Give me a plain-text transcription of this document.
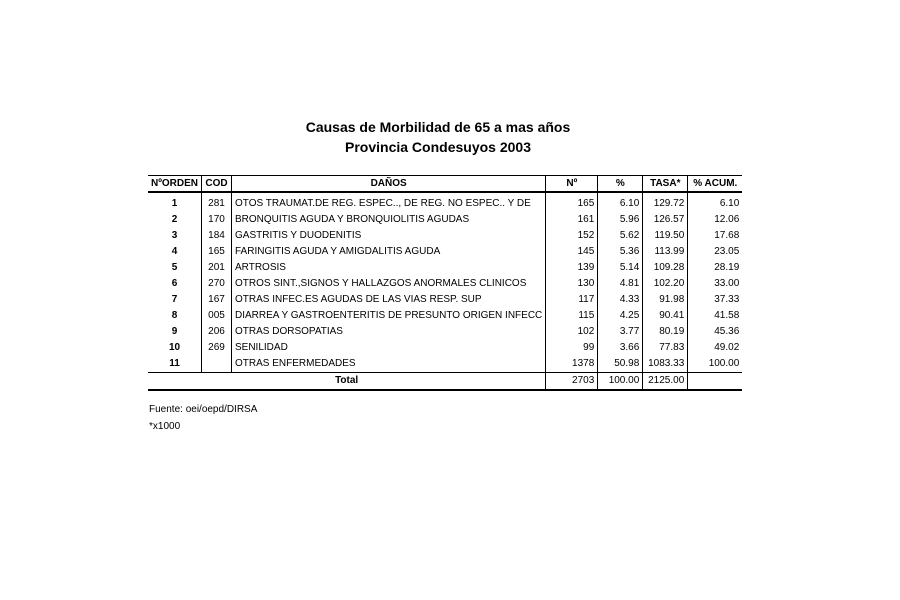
Causas de Morbilidad de 65 a mas años
Provincia Condesuyos 2003
NºORDEN	COD	DAÑOS	Nº	%	TASA*	% ACUM.
1	281	OTOS TRAUMAT.DE REG. ESPEC.., DE REG. NO ESPEC.. Y DE	165	6.10	129.72	6.10
2	170	BRONQUITIS AGUDA Y BRONQUIOLITIS AGUDAS	161	5.96	126.57	12.06
3	184	GASTRITIS Y DUODENITIS	152	5.62	119.50	17.68
4	165	FARINGITIS AGUDA Y AMIGDALITIS AGUDA	145	5.36	113.99	23.05
5	201	ARTROSIS	139	5.14	109.28	28.19
6	270	OTROS SINT.,SIGNOS Y HALLAZGOS ANORMALES CLINICOS	130	4.81	102.20	33.00
7	167	OTRAS INFEC.ES AGUDAS DE LAS VIAS RESP. SUP	117	4.33	91.98	37.33
8	005	DIARREA Y GASTROENTERITIS DE PRESUNTO ORIGEN INFECC	115	4.25	90.41	41.58
9	206	OTRAS DORSOPATIAS	102	3.77	80.19	45.36
10	269	SENILIDAD	99	3.66	77.83	49.02
11		OTRAS ENFERMEDADES	1378	50.98	1083.33	100.00
Total			2703	100.00	2125.00	
Fuente: oei/oepd/DIRSA
*x1000
